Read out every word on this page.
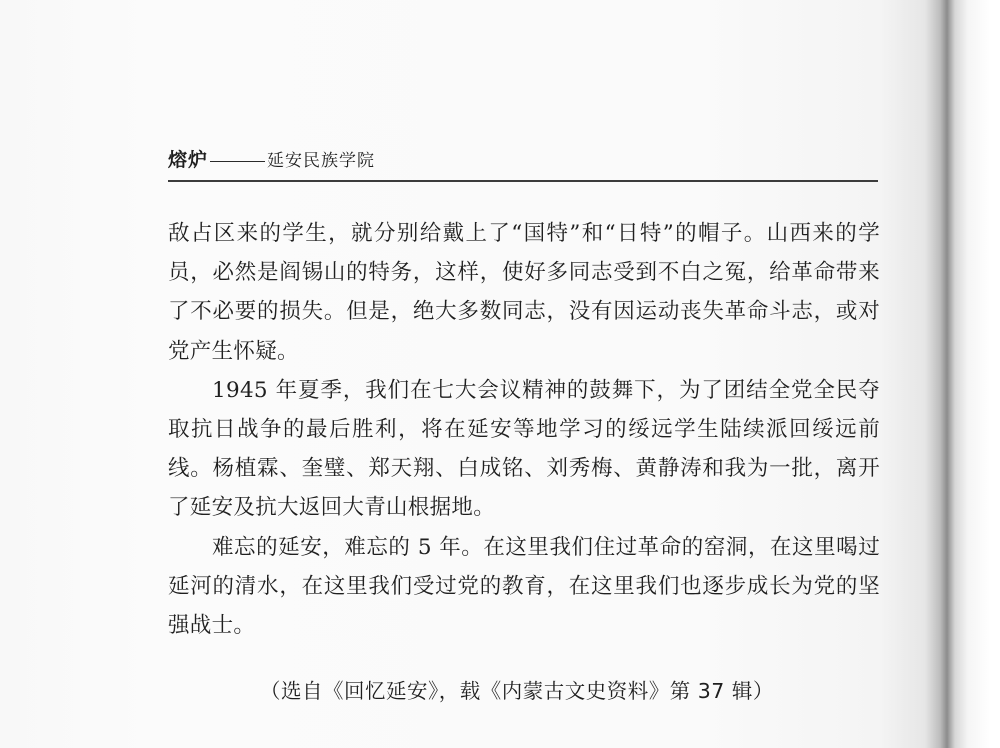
熔炉	延安民族学院

敌占区来的学生，就分别给戴上了“国特”和“日特”的帽子。山西来的学员，必然是阎锡山的特务，这样，使好多同志受到不白之冤，给革命带来了不必要的损失。但是，绝大多数同志，没有因运动丧失革命斗志，或对党产生怀疑。

1945 年夏季，我们在七大会议精神的鼓舞下，为了团结全党全民夺取抗日战争的最后胜利，将在延安等地学习的绥远学生陆续派回绥远前线。杨植霖、奎璧、郑天翔、白成铭、刘秀梅、黄静涛和我为一批，离开了延安及抗大返回大青山根据地。

难忘的延安，难忘的 5 年。在这里我们住过革命的窑洞，在这里喝过延河的清水，在这里我们受过党的教育，在这里我们也逐步成长为党的坚强战士。

（选自《回忆延安》，载《内蒙古文史资料》第 37 辑）
